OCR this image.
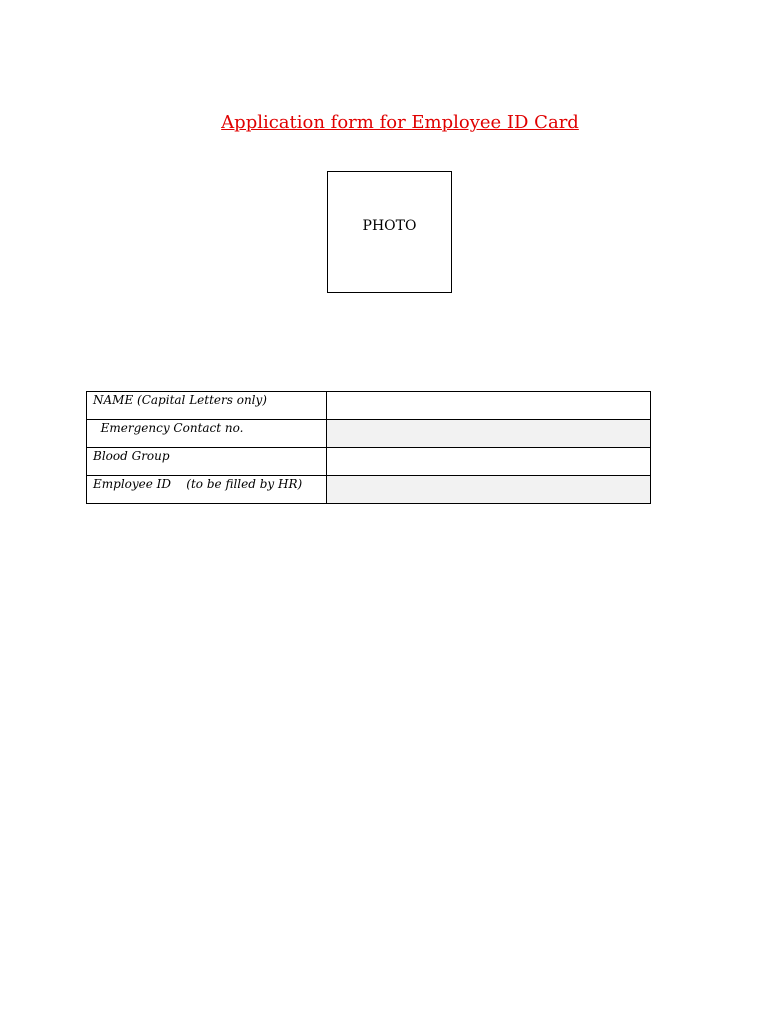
Application form for Employee ID Card
PHOTO
NAME (Capital Letters only)	
Emergency Contact no.	
Blood Group	
Employee ID    (to be filled by HR)	
